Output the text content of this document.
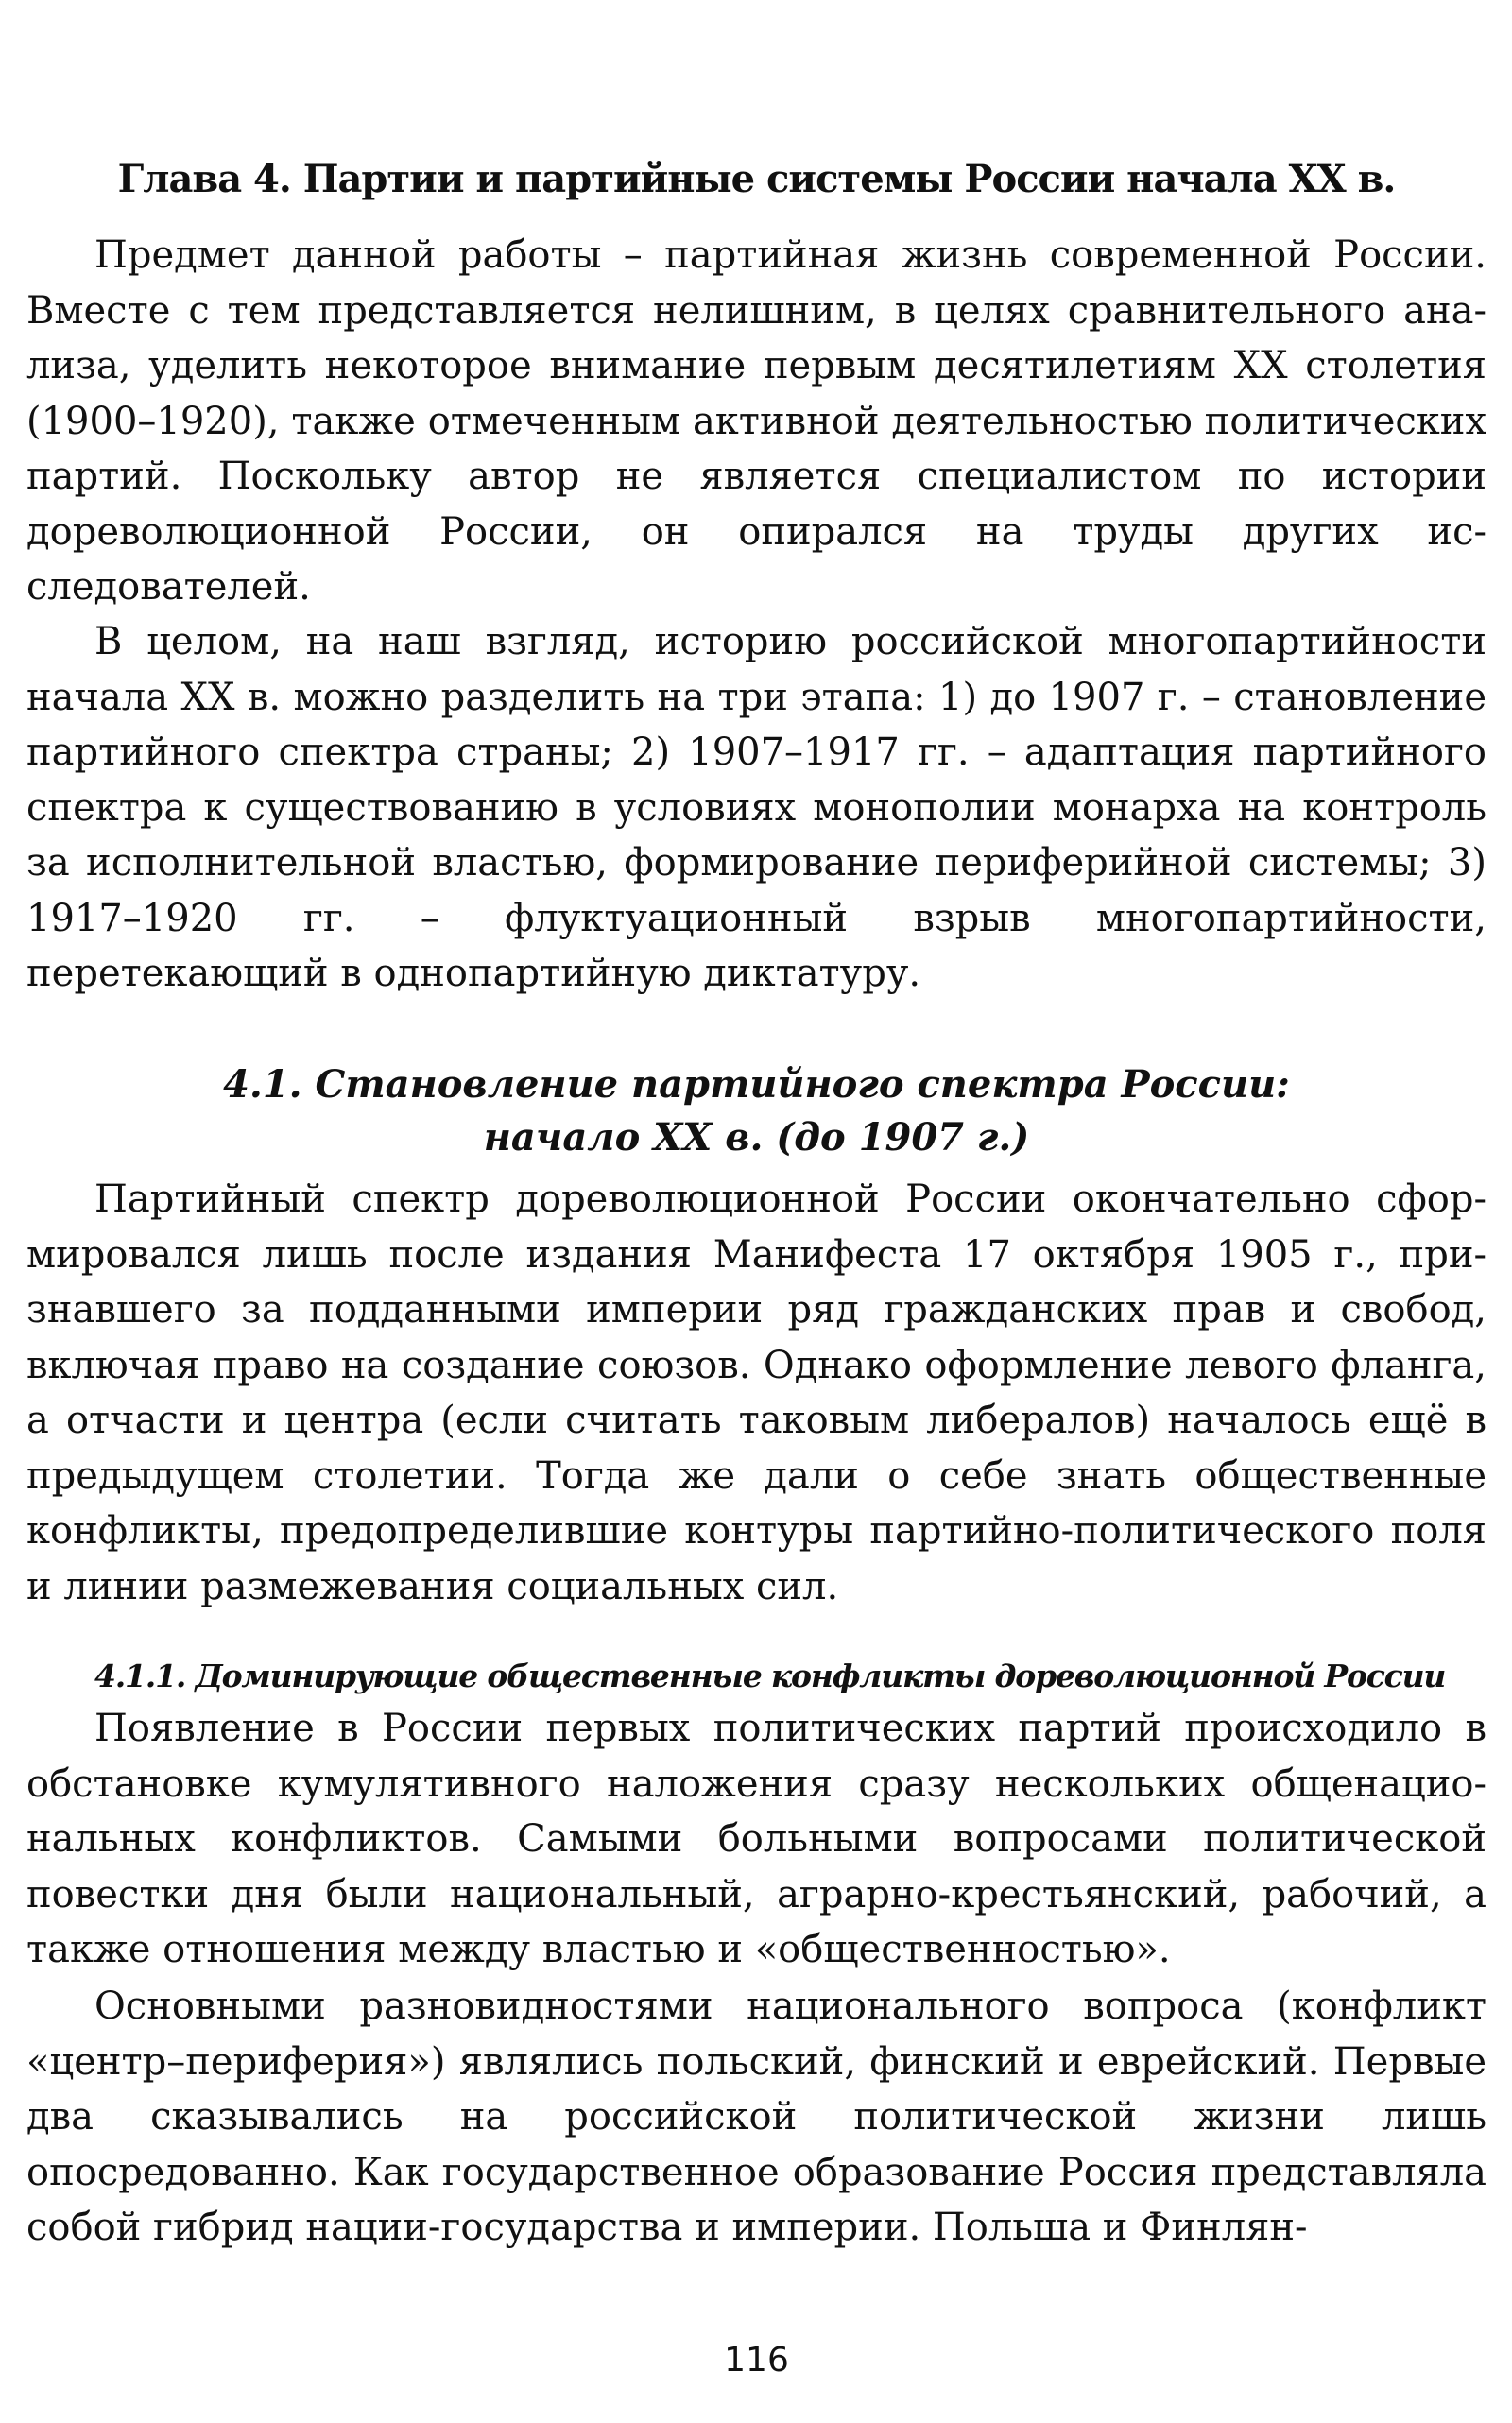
Глава 4. Партии и партийные системы России начала XX в.

Предмет данной работы – партийная жизнь современной России. Вместе с тем представляется нелишним, в целях сравнительного анализа, уделить некоторое внимание первым десятилетиям XX столетия (1900–1920), также отмеченным активной деятельностью политических партий. Поскольку автор не является специалистом по истории дореволюционной России, он опирался на труды других исследователей.

В целом, на наш взгляд, историю российской многопартийности начала XX в. можно разделить на три этапа: 1) до 1907 г. – становление партийного спектра страны; 2) 1907–1917 гг. – адаптация партийного спектра к существованию в условиях монополии монарха на контроль за исполнительной властью, формирование периферийной системы; 3) 1917–1920 гг. – флуктуационный взрыв многопартийности, перетекающий в однопартийную диктатуру.

4.1. Становление партийного спектра России:
начало XX в. (до 1907 г.)

Партийный спектр дореволюционной России окончательно сформировался лишь после издания Манифеста 17 октября 1905 г., признавшего за подданными империи ряд гражданских прав и свобод, включая право на создание союзов. Однако оформление левого фланга, а отчасти и центра (если считать таковым либералов) началось ещё в предыдущем столетии. Тогда же дали о себе знать общественные конфликты, предопределившие контуры партийно-политического поля и линии размежевания социальных сил.

4.1.1. Доминирующие общественные конфликты дореволюционной России

Появление в России первых политических партий происходило в обстановке кумулятивного наложения сразу нескольких общенациональных конфликтов. Самыми больными вопросами политической повестки дня были национальный, аграрно-крестьянский, рабочий, а также отношения между властью и «общественностью».

Основными разновидностями национального вопроса (конфликт «центр–периферия») являлись польский, финский и еврейский. Первые два сказывались на российской политической жизни лишь опосредованно. Как государственное образование Россия представляла собой гибрид нации-государства и империи. Польша и Финлян-

116
